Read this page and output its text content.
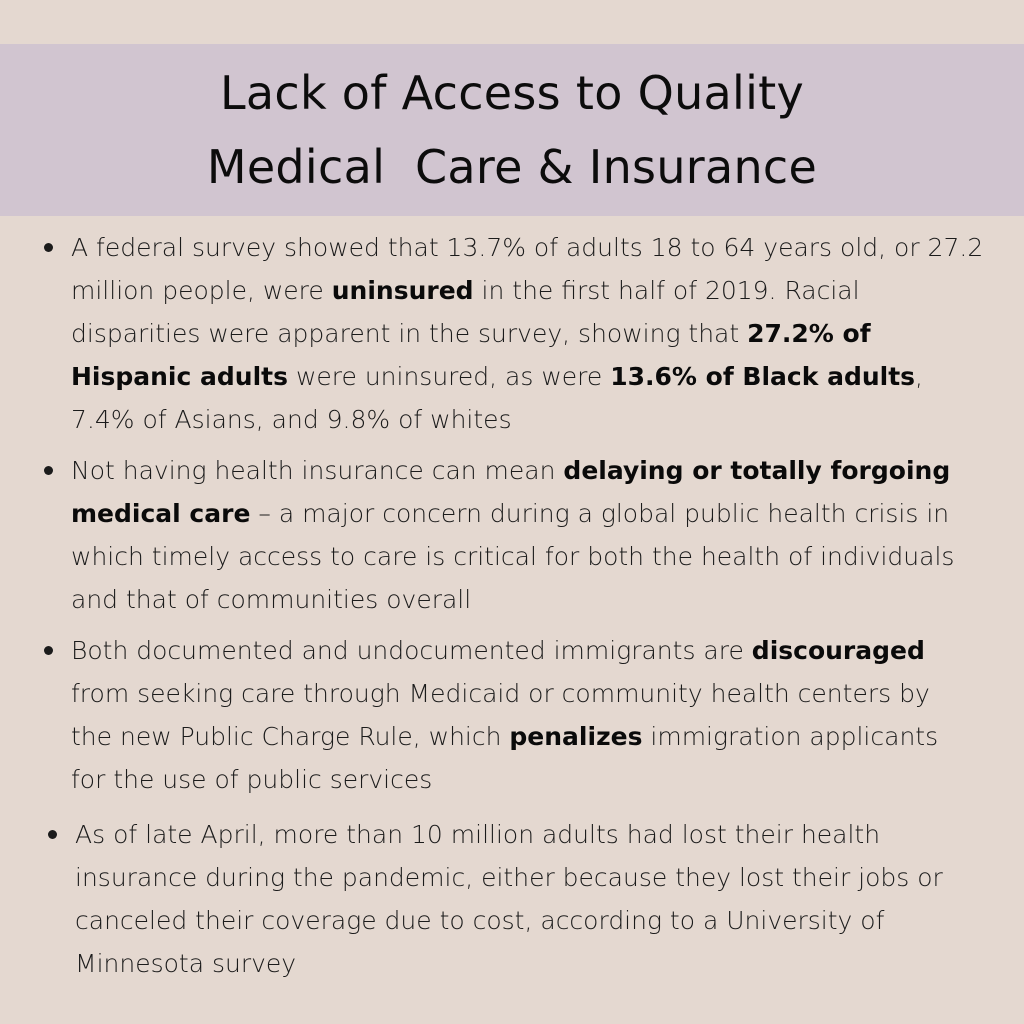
Lack of Access to Quality
Medical  Care & Insurance
A federal survey showed that 13.7% of adults 18 to 64 years old, or 27.2 million people, were uninsured in the first half of 2019. Racial disparities were apparent in the survey, showing that 27.2% of Hispanic adults were uninsured, as were 13.6% of Black adults, 7.4% of Asians, and 9.8% of whites
Not having health insurance can mean delaying or totally forgoing medical care – a major concern during a global public health crisis in which timely access to care is critical for both the health of individuals and that of communities overall
Both documented and undocumented immigrants are discouraged from seeking care through Medicaid or community health centers by the new Public Charge Rule, which penalizes immigration applicants for the use of public services
As of late April, more than 10 million adults had lost their health insurance during the pandemic, either because they lost their jobs or canceled their coverage due to cost, according to a University of Minnesota survey
